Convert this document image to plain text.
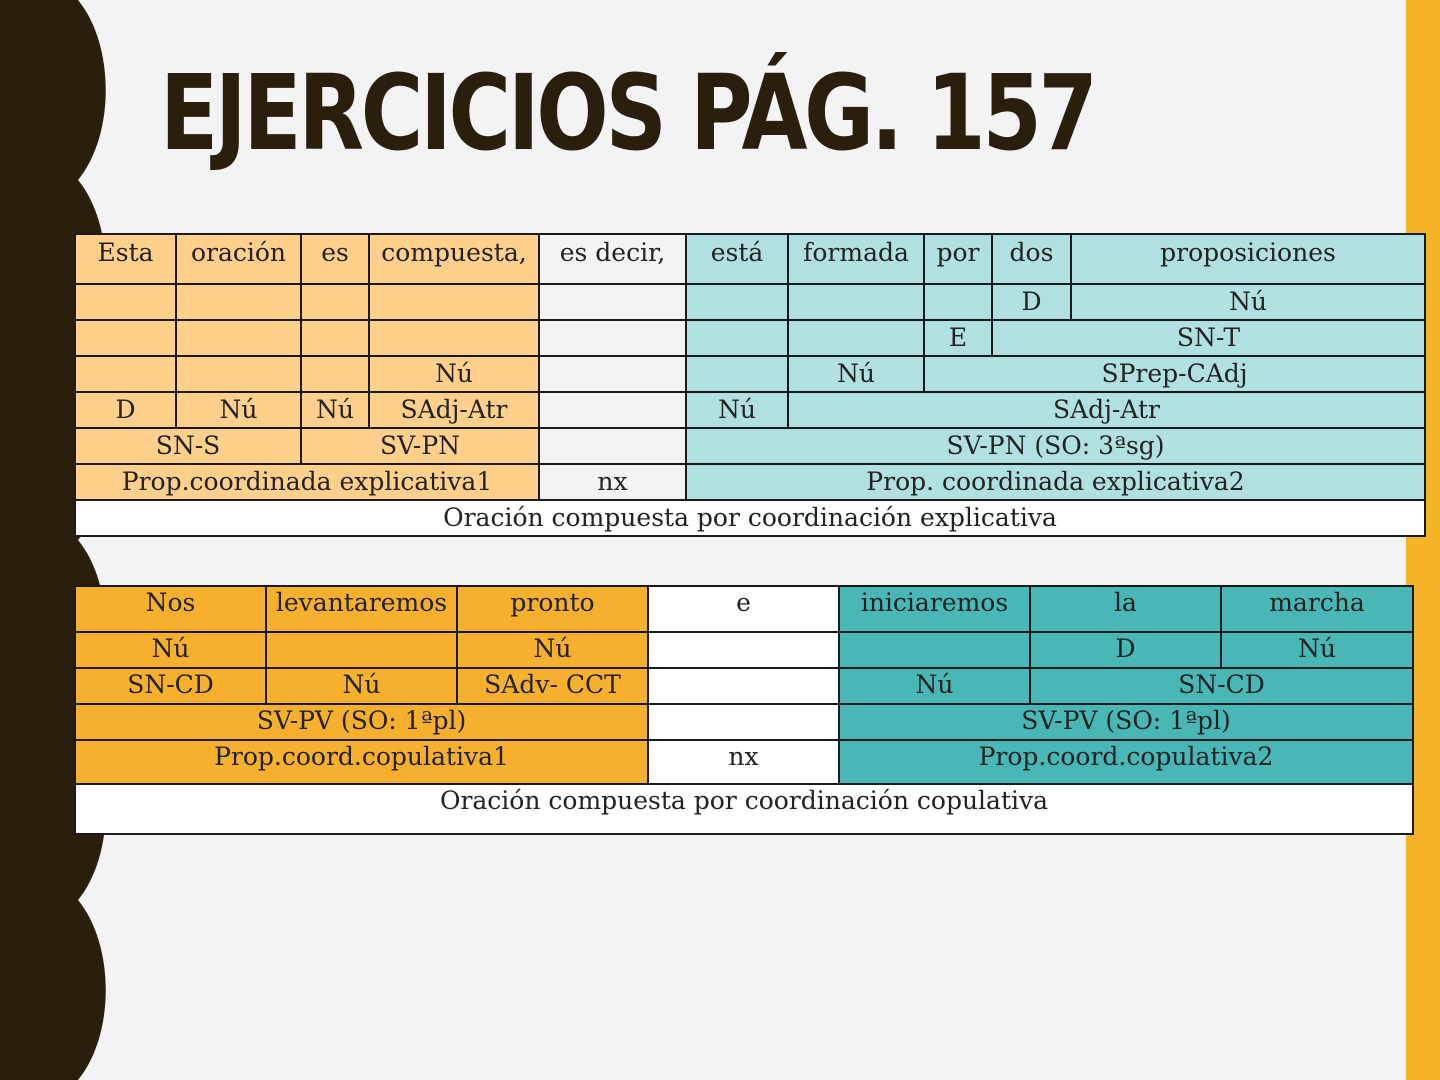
EJERCICIOS PÁG. 157
Esta	oración	es	compuesta,	es decir,	está	formada	por	dos	proposiciones
								D	Nú
							E	SN-T	
			Nú			Nú	SPrep-CAdj		
D	Nú	Nú	SAdj-Atr		Nú	SAdj-Atr			
SN-S		SV-PN			SV-PN (SO: 3ªsg)				
Prop.coordinada explicativa1				nx	Prop. coordinada explicativa2				
Oración compuesta por coordinación explicativa									
Nos	levantaremos	pronto	e	iniciaremos	la	marcha
Nú		Nú			D	Nú
SN-CD	Nú	SAdv- CCT		Nú	SN-CD	
SV-PV (SO: 1ªpl)				SV-PV (SO: 1ªpl)		
Prop.coord.copulativa1			nx	Prop.coord.copulativa2		
Oración compuesta por coordinación copulativa						
